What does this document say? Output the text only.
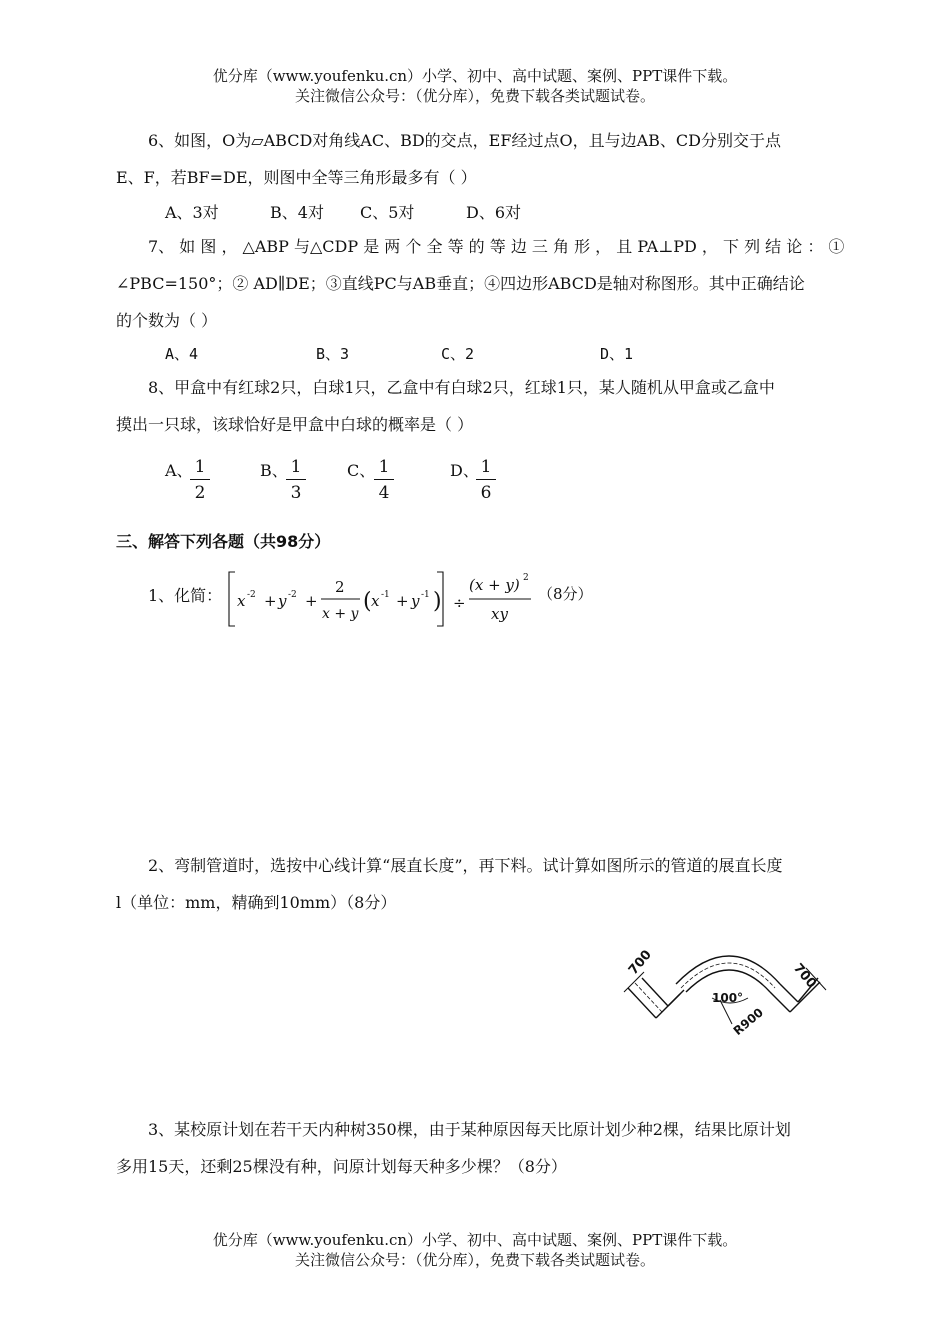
优分库（www.youfenku.cn）小学、初中、高中试题、案例、PPT课件下载。
关注微信公众号：（优分库），免费下载各类试题试卷。
6、如图，O为▱ABCD对角线AC、BD的交点，EF经过点O，且与边AB、CD分别交于点
E、F，若BF=DE，则图中全等三角形最多有（ ）
A、3对	B、4对 C、5对	D、6对
7、 如 图 ， △ABP 与△CDP 是 两 个 全 等 的 等 边 三 角 形 ， 且 PA⊥PD ， 下 列 结 论 ： ①
∠PBC=150°；② AD∥DE；③直线PC与AB垂直；④四边形ABCD是轴对称图形。其中正确结论
的个数为（ ）
A、4	B、3	C、2	D、1
8、甲盒中有红球2只，白球1只，乙盒中有白球2只，红球1只，某人随机从甲盒或乙盒中
摸出一只球，该球恰好是甲盒中白球的概率是（ ）
A、
$\frac{1}{2}$	B、
$\frac{1}{3}$	C、
$\frac{1}{4}$	D、
$\frac{1}{6}$
三、解答下列各题（共98分）
1、化简： x -2 + y -2 +
2
x + y ( x -1 + y -1 ) ÷
(x + y) 2
xy
（8分）
2、弯制管道时，选按中心线计算“展直长度”，再下料。试计算如图所示的管道的展直长度
l（单位：mm，精确到10mm）（8分）
700	700
100°
R900
3、某校原计划在若干天内种树350棵，由于某种原因每天比原计划少种2棵，结果比原计划
多用15天，还剩25棵没有种，问原计划每天种多少棵？（8分）
优分库（www.youfenku.cn）小学、初中、高中试题、案例、PPT课件下载。
关注微信公众号：（优分库），免费下载各类试题试卷。
